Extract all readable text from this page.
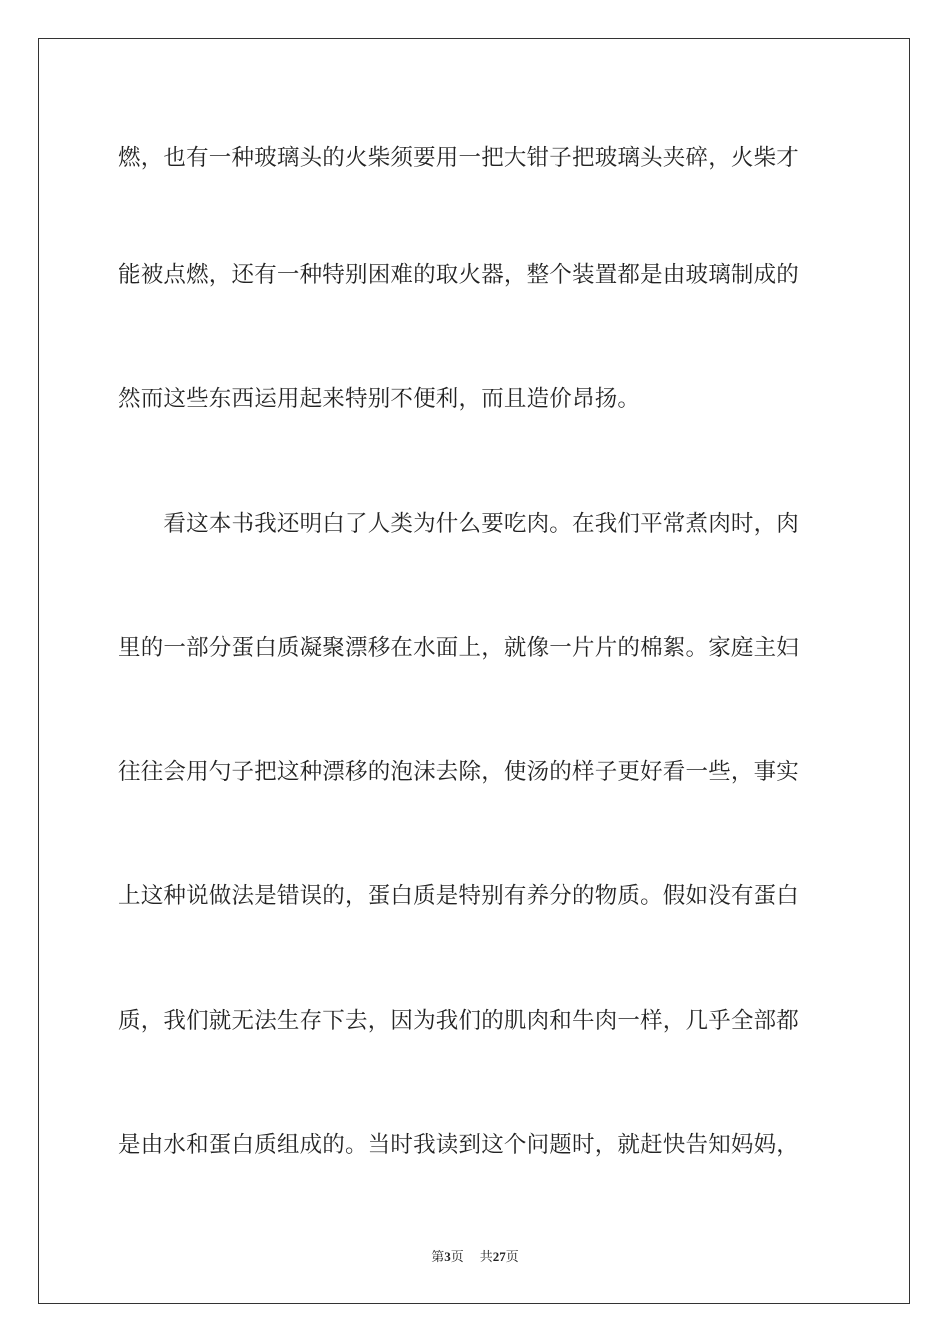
燃，也有一种玻璃头的火柴须要用一把大钳子把玻璃头夹碎，火柴才
能被点燃，还有一种特别困难的取火器，整个装置都是由玻璃制成的
然而这些东西运用起来特别不便利，而且造价昂扬。
　　看这本书我还明白了人类为什么要吃肉。在我们平常煮肉时，肉
里的一部分蛋白质凝聚漂移在水面上，就像一片片的棉絮。家庭主妇
往往会用勺子把这种漂移的泡沫去除，使汤的样子更好看一些，事实
上这种说做法是错误的，蛋白质是特别有养分的物质。假如没有蛋白
质，我们就无法生存下去，因为我们的肌肉和牛肉一样，几乎全部都
是由水和蛋白质组成的。当时我读到这个问题时，就赶快告知妈妈，
第3页 共27页
